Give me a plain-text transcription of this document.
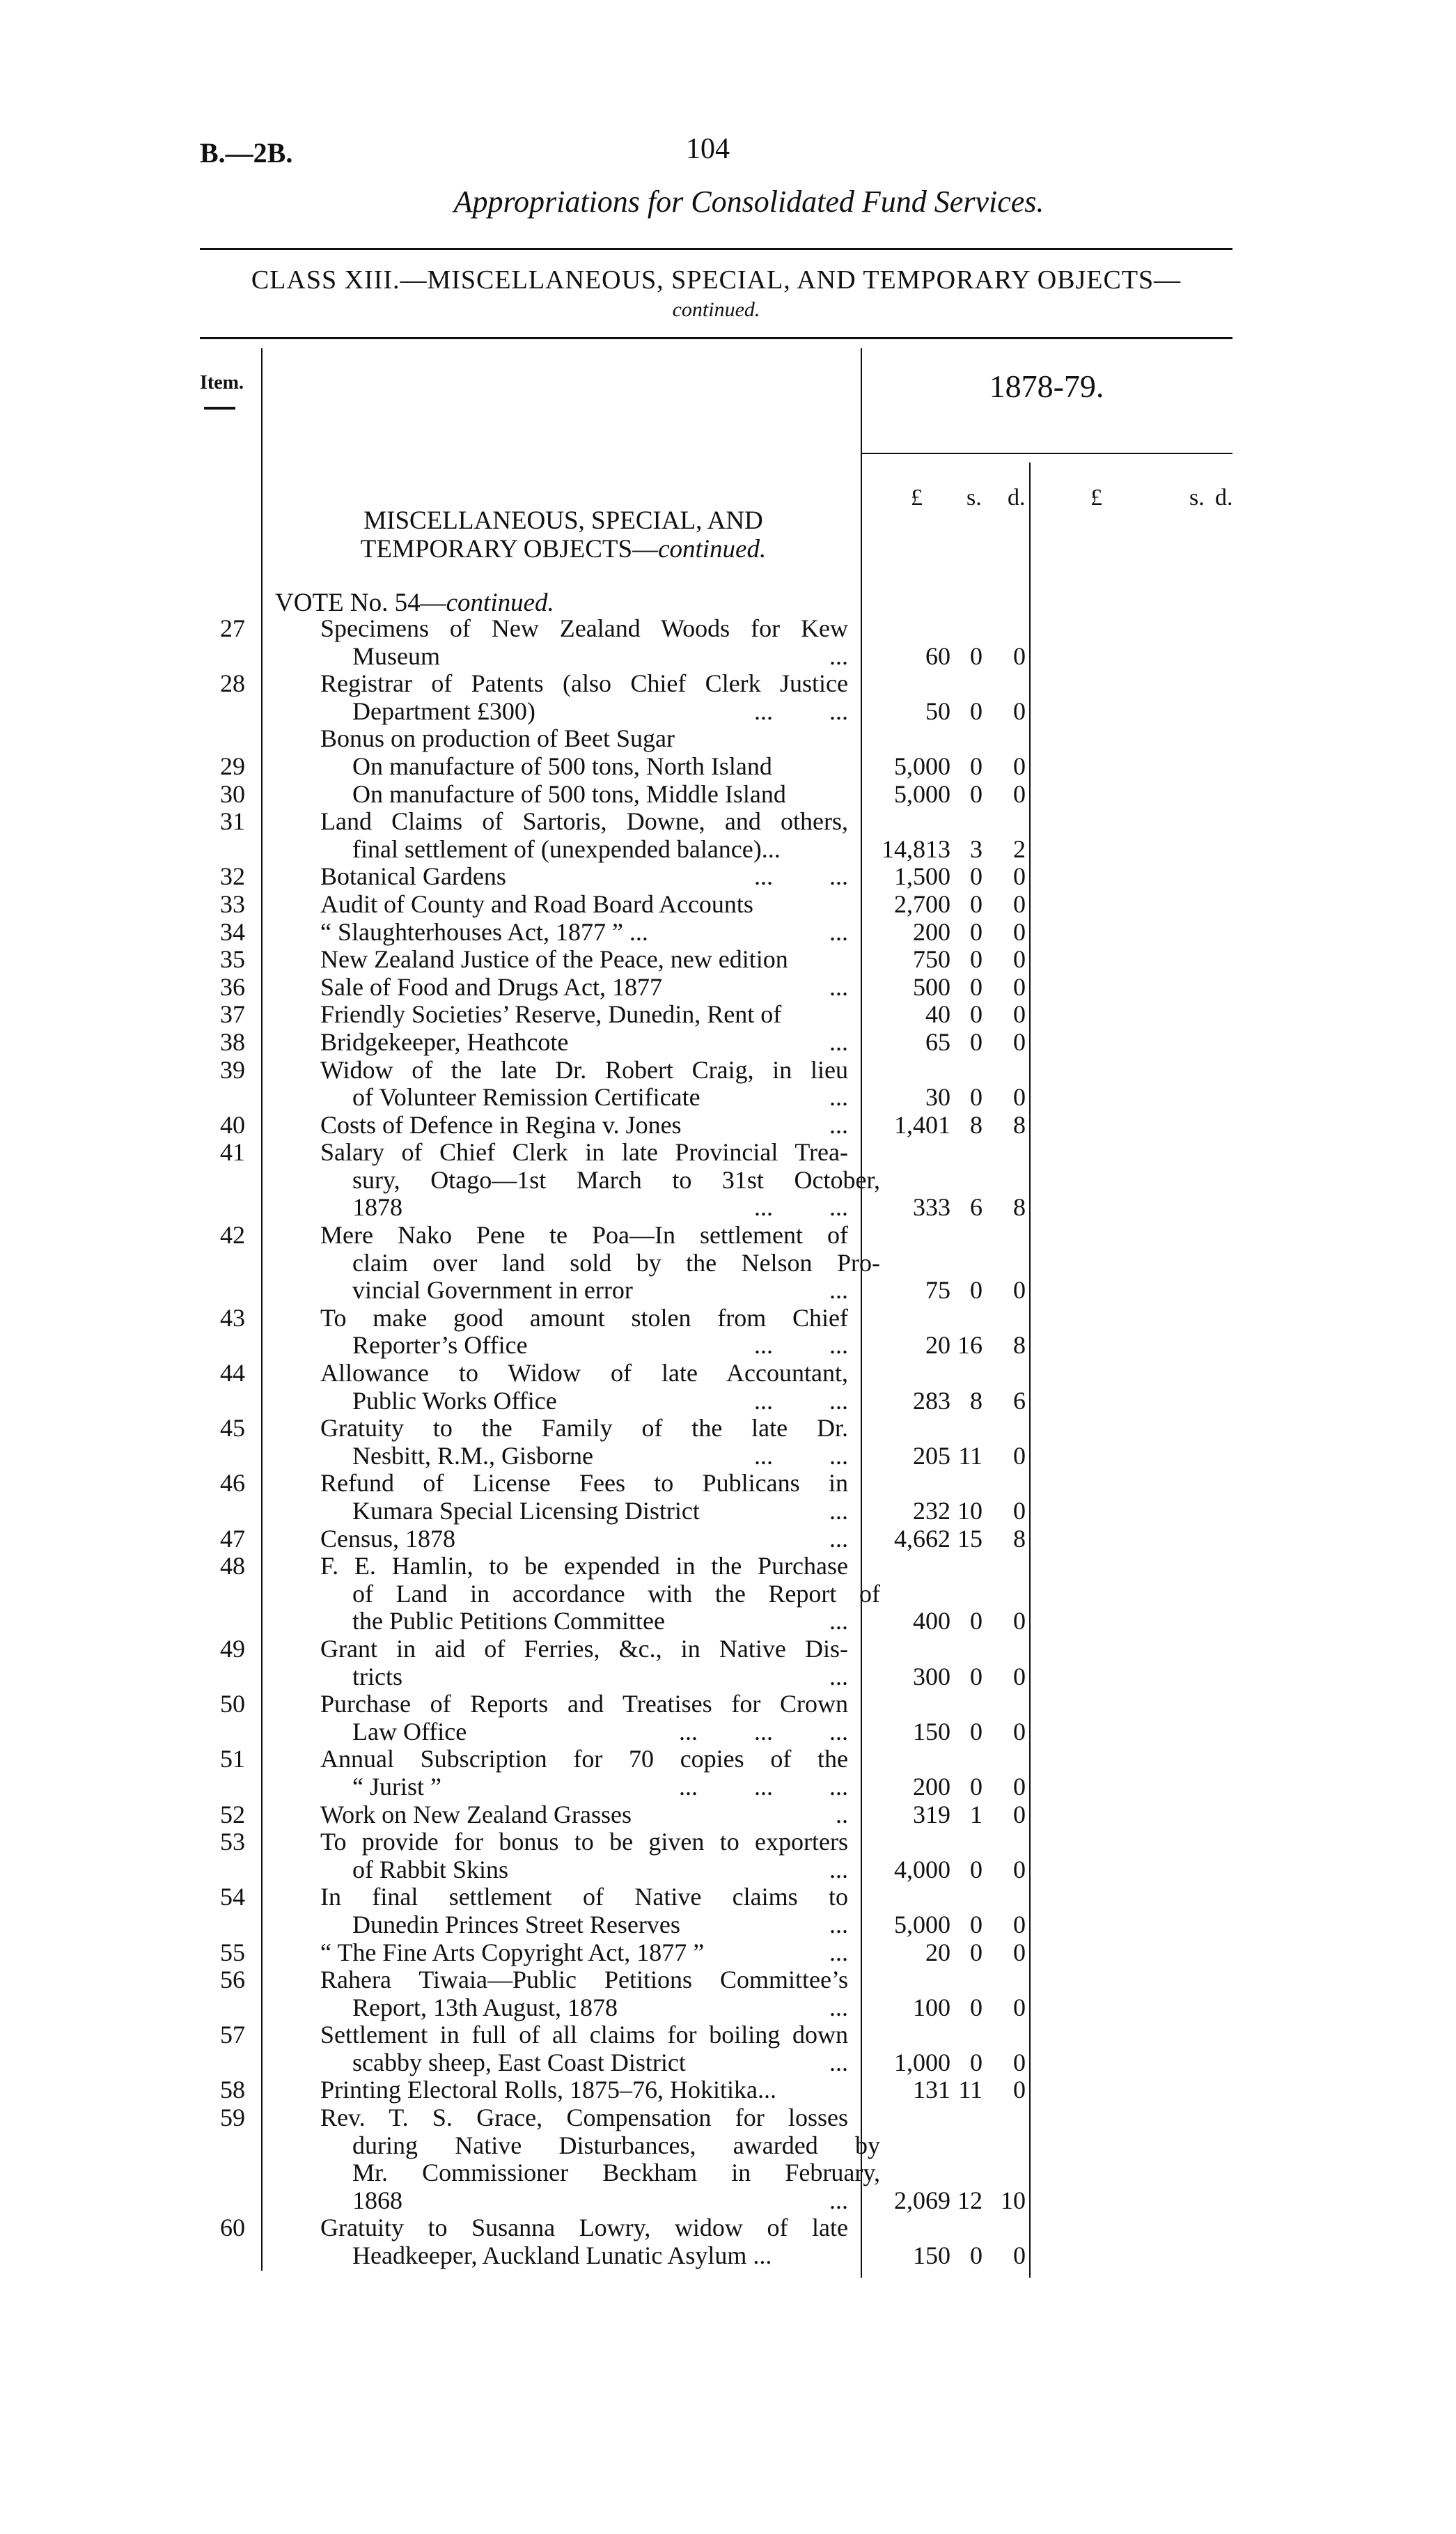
B.—2B.	104
Appropriations for Consolidated Fund Services.
CLASS XIII.—MISCELLANEOUS, SPECIAL, AND TEMPORARY OBJECTS—
continued.
Item.	1878-79.
£ s. d.	£	s. d.
MISCELLANEOUS, SPECIAL, AND
TEMPORARY OBJECTS—continued.
VOTE No. 54—continued.
27	Specimens of New Zealand Woods for Kew
Museum	...	60 0 0
28	Registrar of Patents (also Chief Clerk Justice
Department £300)	...         ...	50 0 0
Bonus on production of Beet Sugar
29	On manufacture of 500 tons, North Island	5,000 0 0
30	On manufacture of 500 tons, Middle Island	5,000 0 0
31	Land Claims of Sartoris, Downe, and others,
final settlement of (unexpended balance)...	14,813 3 2
32	Botanical Gardens	...         ... 1,500 0 0
33	Audit of County and Road Board Accounts	2,700 0 0
34	“ Slaughterhouses Act, 1877 ” ...	...	200 0 0
35	New Zealand Justice of the Peace, new edition	750 0 0
36	Sale of Food and Drugs Act, 1877	...	500 0 0
37	Friendly Societies’ Reserve, Dunedin, Rent of	40 0 0
38	Bridgekeeper, Heathcote	...	65 0 0
39	Widow of the late Dr. Robert Craig, in lieu
of Volunteer Remission Certificate	...	30 0 0
40	Costs of Defence in Regina v. Jones	... 1,401 8 8
41	Salary of Chief Clerk in late Provincial Trea-
sury, Otago—1st March to 31st October,
1878	...         ...	333 6 8
42	Mere Nako Pene te Poa—In settlement of
claim over land sold by the Nelson Pro-
vincial Government in error	...	75 0 0
43	To make good amount stolen from Chief
Reporter’s Office	...         ...	20 16 8
44	Allowance to Widow of late Accountant,
Public Works Office	...         ...	283 8 6
45	Gratuity to the Family of the late Dr.
Nesbitt, R.M., Gisborne	...         ...	205 11 0
46	Refund of License Fees to Publicans in
Kumara Special Licensing District	...	232 10 0
47	Census, 1878	... 4,662 15 8
48	F. E. Hamlin, to be expended in the Purchase
of Land in accordance with the Report of
the Public Petitions Committee	...	400 0 0
49	Grant in aid of Ferries, &c., in Native Dis-
tricts	...	300 0 0
50	Purchase of Reports and Treatises for Crown
Law Office	...         ...         ...	150 0 0
51	Annual Subscription for 70 copies of the
“ Jurist ”	...         ...         ...	200 0 0
52	Work on New Zealand Grasses	..	319 1 0
53	To provide for bonus to be given to exporters
of Rabbit Skins	... 4,000 0 0
54	In final settlement of Native claims to
Dunedin Princes Street Reserves	... 5,000 0 0
55	“ The Fine Arts Copyright Act, 1877 ”	...	20 0 0
56	Rahera Tiwaia—Public Petitions Committee’s
Report, 13th August, 1878	...	100 0 0
57	Settlement in full of all claims for boiling down
scabby sheep, East Coast District	... 1,000 0 0
58	Printing Electoral Rolls, 1875–76, Hokitika...	131 11 0
59	Rev. T. S. Grace, Compensation for losses
during Native Disturbances, awarded by
Mr. Commissioner Beckham in February,
1868	... 2,069 12 10
60	Gratuity to Susanna Lowry, widow of late
Headkeeper, Auckland Lunatic Asylum ...	150 0 0
